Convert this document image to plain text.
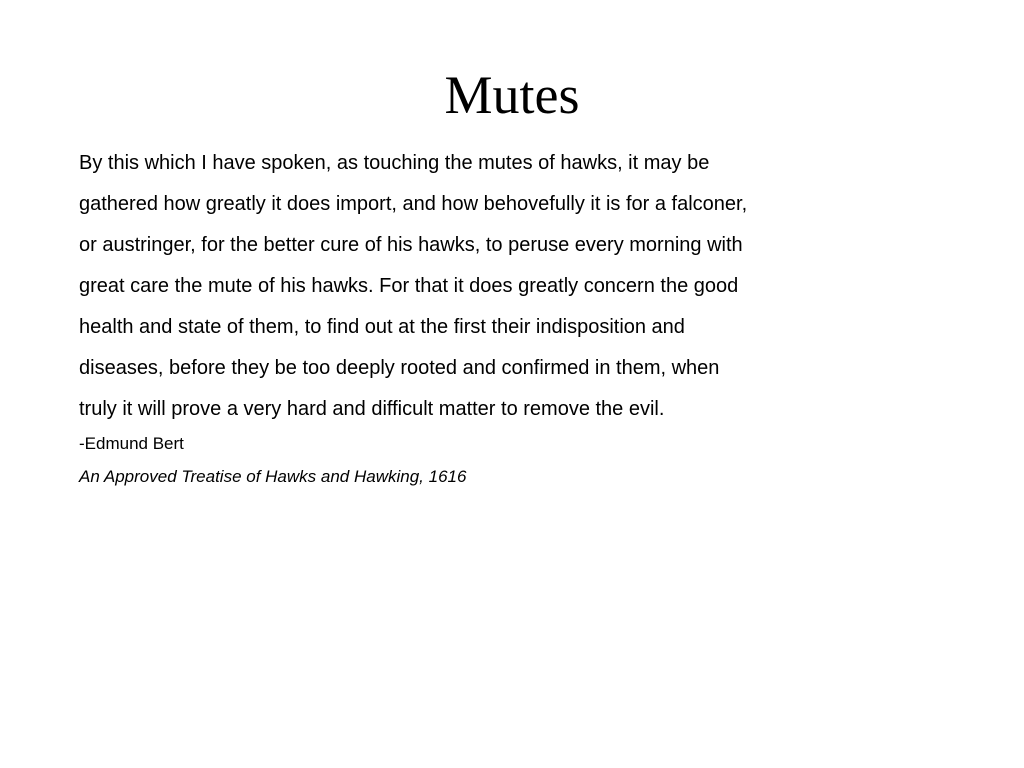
Mutes

By this which I have spoken, as touching the mutes of hawks, it may be
gathered how greatly it does import, and how behovefully it is for a falconer,
or austringer, for the better cure of his hawks, to peruse every morning with
great care the mute of his hawks. For that it does greatly concern the good
health and state of them, to find out at the first their indisposition and
diseases, before they be too deeply rooted and confirmed in them, when
truly it will prove a very hard and difficult matter to remove the evil.

-Edmund Bert

An Approved Treatise of Hawks and Hawking, 1616
